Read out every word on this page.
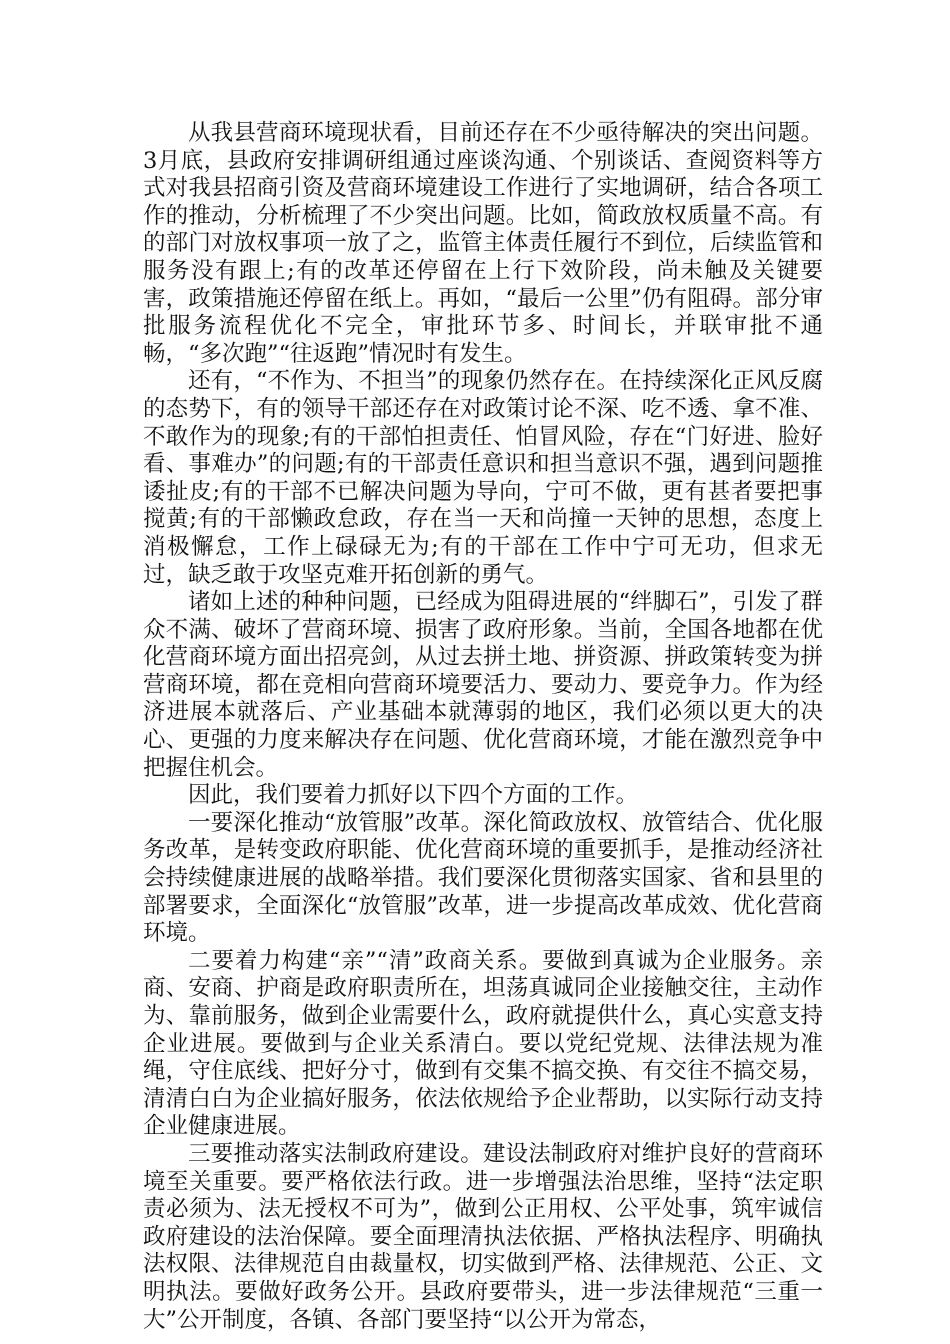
从我县营商环境现状看，目前还存在不少亟待解决的突出问题。3月底，县政府安排调研组通过座谈沟通、个别谈话、查阅资料等方式对我县招商引资及营商环境建设工作进行了实地调研，结合各项工作的推动，分析梳理了不少突出问题。比如，简政放权质量不高。有的部门对放权事项一放了之，监管主体责任履行不到位，后续监管和服务没有跟上;有的改革还停留在上行下效阶段，尚未触及关键要害，政策措施还停留在纸上。再如，“最后一公里”仍有阻碍。部分审批服务流程优化不完全，审批环节多、时间长，并联审批不通畅，“多次跑”“往返跑”情况时有发生。

还有，“不作为、不担当”的现象仍然存在。在持续深化正风反腐的态势下，有的领导干部还存在对政策讨论不深、吃不透、拿不准、不敢作为的现象;有的干部怕担责任、怕冒风险，存在“门好进、脸好看、事难办”的问题;有的干部责任意识和担当意识不强，遇到问题推诿扯皮;有的干部不已解决问题为导向，宁可不做，更有甚者要把事搅黄;有的干部懒政怠政，存在当一天和尚撞一天钟的思想，态度上消极懈怠，工作上碌碌无为;有的干部在工作中宁可无功，但求无过，缺乏敢于攻坚克难开拓创新的勇气。

诸如上述的种种问题，已经成为阻碍进展的“绊脚石”，引发了群众不满、破坏了营商环境、损害了政府形象。当前，全国各地都在优化营商环境方面出招亮剑，从过去拼土地、拼资源、拼政策转变为拼营商环境，都在竞相向营商环境要活力、要动力、要竞争力。作为经济进展本就落后、产业基础本就薄弱的地区，我们必须以更大的决心、更强的力度来解决存在问题、优化营商环境，才能在激烈竞争中把握住机会。

因此，我们要着力抓好以下四个方面的工作。

一要深化推动“放管服”改革。深化简政放权、放管结合、优化服务改革，是转变政府职能、优化营商环境的重要抓手，是推动经济社会持续健康进展的战略举措。我们要深化贯彻落实国家、省和县里的部署要求，全面深化“放管服”改革，进一步提高改革成效、优化营商环境。

二要着力构建“亲”“清”政商关系。要做到真诚为企业服务。亲商、安商、护商是政府职责所在，坦荡真诚同企业接触交往，主动作为、靠前服务，做到企业需要什么，政府就提供什么，真心实意支持企业进展。要做到与企业关系清白。要以党纪党规、法律法规为准绳，守住底线、把好分寸，做到有交集不搞交换、有交往不搞交易，清清白白为企业搞好服务，依法依规给予企业帮助，以实际行动支持企业健康进展。

三要推动落实法制政府建设。建设法制政府对维护良好的营商环境至关重要。要严格依法行政。进一步增强法治思维，坚持“法定职责必须为、法无授权不可为”，做到公正用权、公平处事，筑牢诚信政府建设的法治保障。要全面理清执法依据、严格执法程序、明确执法权限、法律规范自由裁量权，切实做到严格、法律规范、公正、文明执法。要做好政务公开。县政府要带头，进一步法律规范“三重一大”公开制度，各镇、各部门要坚持“以公开为常态，
